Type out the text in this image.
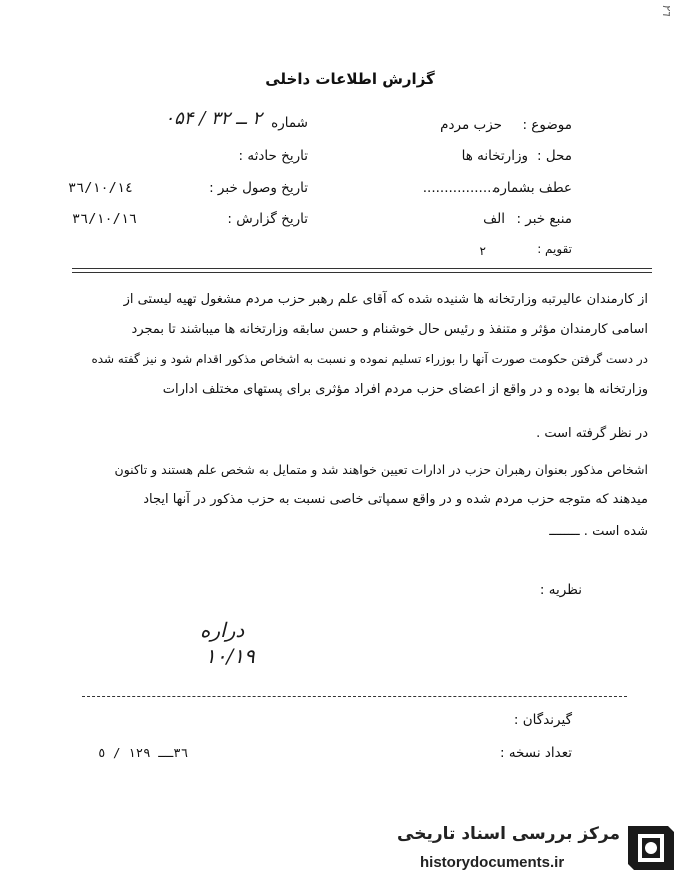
٢٦
گزارش اطلاعات داخلی
موضوع :
حزب مردم
محل :
وزارتخانه ها
عطف بشماره
..................
منبع خبر :
الف
تقویم :
٢
شماره
۲ ــ ۳۲ / ۰۵۴
تاریخ حادثه :
تاریخ وصول خبر :
٣٦/١٠/١٤
تاریخ گزارش :
٣٦/١٠/١٦
از کارمندان عالیرتبه وزارتخانه ها شنیده شده که آقای علم رهبر حزب مردم مشغول تهیه لیستی از
اسامی کارمندان مؤثر و متنفذ و رئیس حال خوشنام و حسن سابقه وزارتخانه ها میباشند تا بمجرد
در دست گرفتن حکومت صورت آنها را بوزراء تسلیم نموده و نسبت به اشخاص مذکور اقدام شود و نیز گفته شده
وزارتخانه ها بوده و در واقع از اعضای حزب مردم افراد مؤثری برای پستهای مختلف ادارات
در نظر گرفته است .
اشخاص مذکور بعنوان رهبران حزب در ادارات تعیین خواهند شد و متمایل به شخص علم هستند و تاکنون
میدهند که متوجه حزب مردم شده و در واقع سمپاتی خاصی نسبت به حزب مذکور در آنها ایجاد
شده است . ــــــــ
نظریه :
دراره
١٠/١٩
گیرندگان :
تعداد نسخه :
٣٦ــ ١٢٩ / ٥
مرکز بررسی اسناد تاریخی
historydocuments.ir
